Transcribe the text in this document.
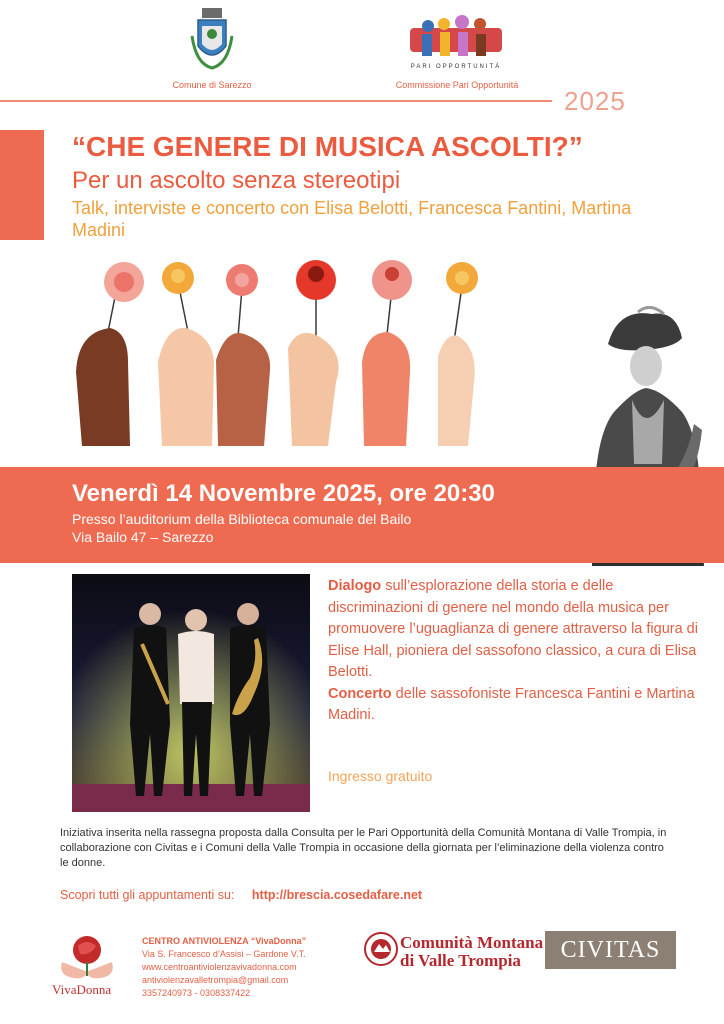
Comune di Sarezzo
PARI OPPORTUNITÀ
Commissione Pari Opportunità
2025
“CHE GENERE DI MUSICA ASCOLTI?”
Per un ascolto senza stereotipi
Talk, interviste e concerto con Elisa Belotti, Francesca Fantini, Martina Madini
Venerdì 14 Novembre 2025, ore 20:30
Presso l’auditorium della Biblioteca comunale del Bailo
Via Bailo 47 – Sarezzo
Dialogo sull’esplorazione della storia e delle discriminazioni di genere nel mondo della musica per promuovere l’uguaglianza di genere attraverso la figura di Elise Hall, pioniera del sassofono classico, a cura di Elisa Belotti.
Concerto delle sassofoniste Francesca Fantini e Martina Madini.
Ingresso gratuito
Iniziativa inserita nella rassegna proposta dalla Consulta per le Pari Opportunità della Comunità Montana di Valle Trompia, in collaborazione con Civitas e i Comuni della Valle Trompia in occasione della giornata per l’eliminazione della violenza contro le donne.
Scopri tutti gli appuntamenti su: http://brescia.cosedafare.net
VivaDonna
CENTRO ANTIVIOLENZA “VivaDonna”
Via S. Francesco d’Assisi – Gardone V.T.
www.centroantiviolenzavivadonna.com
antiviolenzavalletrompia@gmail.com
3357240973 - 0308337422
Comunità Montana
di Valle Trompia	CIVITAS
